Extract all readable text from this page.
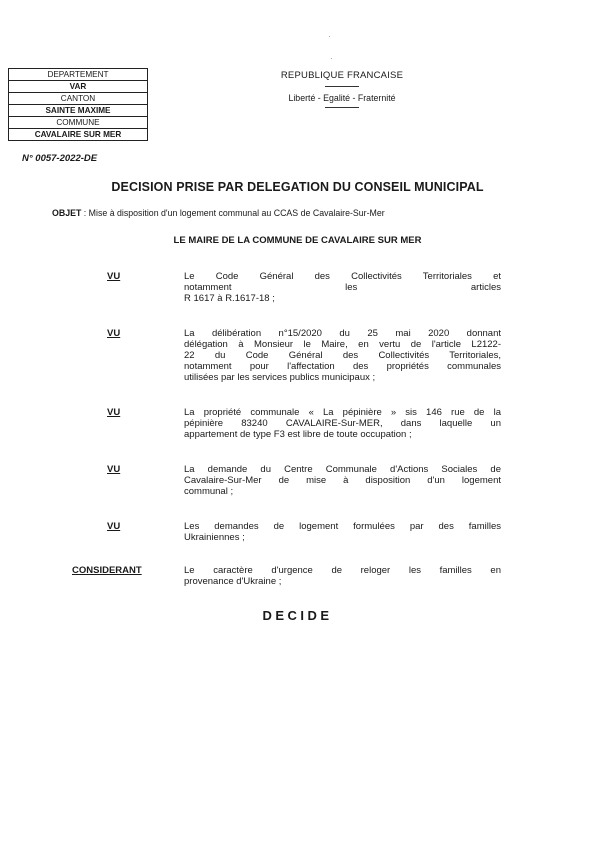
·
·
DEPARTEMENT
VAR
CANTON
SAINTE MAXIME
COMMUNE
CAVALAIRE SUR MER
REPUBLIQUE FRANCAISE
Liberté - Egalité - Fraternité
N° 0057-2022-DE
DECISION PRISE PAR DELEGATION DU CONSEIL MUNICIPAL
OBJET : Mise à disposition d'un logement communal au CCAS de Cavalaire-Sur-Mer
LE MAIRE DE LA COMMUNE DE CAVALAIRE SUR MER
VU	Le Code Général des Collectivités Territoriales et
notamment les articles
R 1617 à R.1617-18 ;
VU	La délibération n°15/2020 du 25 mai 2020 donnant
délégation à Monsieur le Maire, en vertu de l'article L2122-
22 du Code Général des Collectivités Territoriales,
notamment pour l'affectation des propriétés communales
utilisées par les services publics municipaux ;
VU	La propriété communale « La pépinière » sis 146 rue de la
pépinière 83240 CAVALAIRE-Sur-MER, dans laquelle un
appartement de type F3 est libre de toute occupation ;
VU	La demande du Centre Communale d'Actions Sociales de
Cavalaire-Sur-Mer de mise à disposition d'un logement
communal ;
VU	Les demandes de logement formulées par des familles
Ukrainiennes ;
CONSIDERANT	Le caractère d'urgence de reloger les familles en
provenance d'Ukraine ;
DECIDE
